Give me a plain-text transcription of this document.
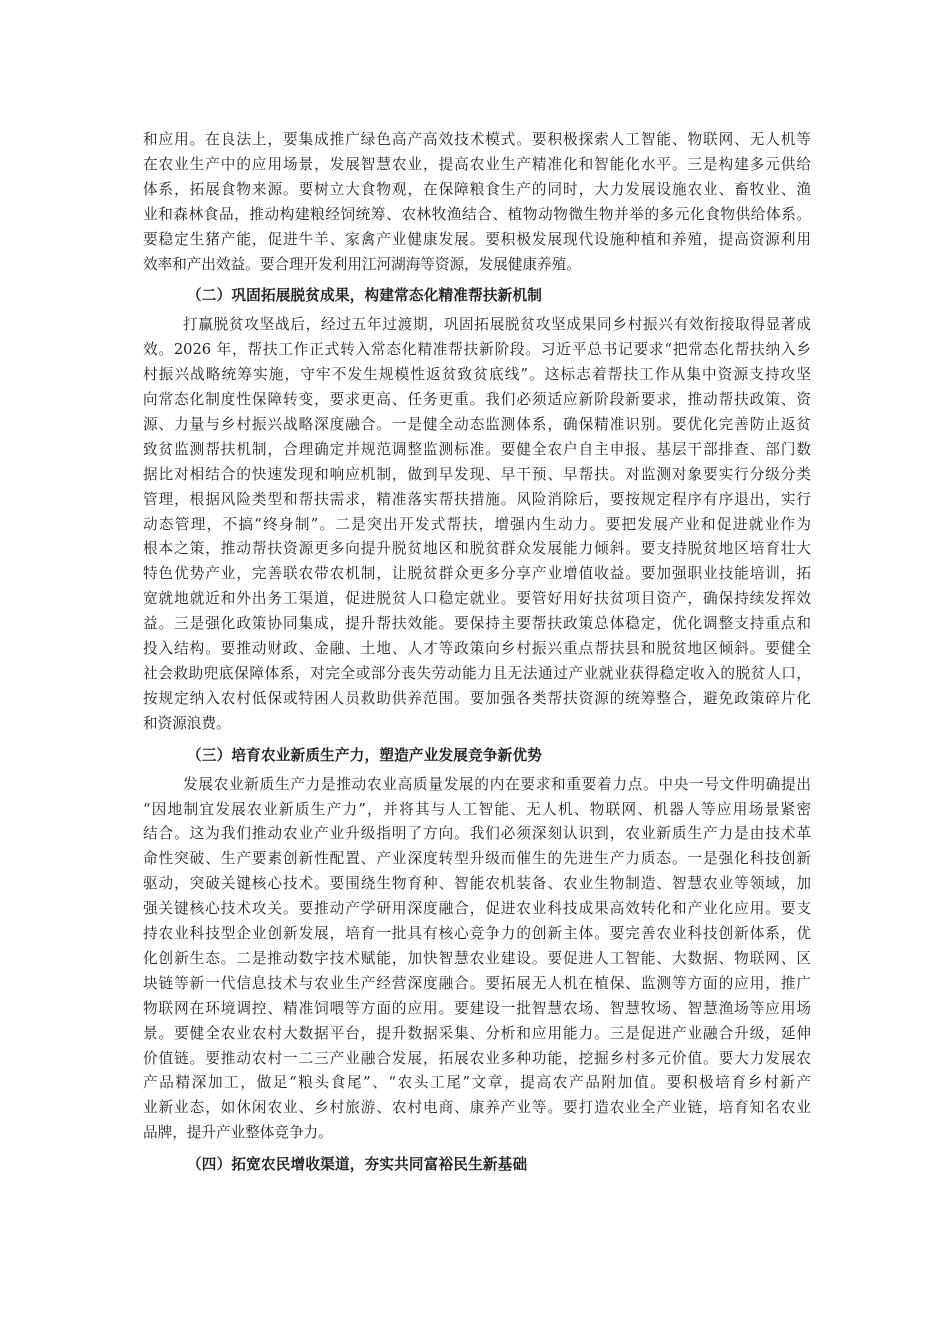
和应用。在良法上，要集成推广绿色高产高效技术模式。要积极探索人工智能、物联网、无人机等
在农业生产中的应用场景，发展智慧农业，提高农业生产精准化和智能化水平。三是构建多元供给
体系，拓展食物来源。要树立大食物观，在保障粮食生产的同时，大力发展设施农业、畜牧业、渔
业和森林食品，推动构建粮经饲统筹、农林牧渔结合、植物动物微生物并举的多元化食物供给体系。
要稳定生猪产能，促进牛羊、家禽产业健康发展。要积极发展现代设施种植和养殖，提高资源利用
效率和产出效益。要合理开发利用江河湖海等资源，发展健康养殖。
（二）巩固拓展脱贫成果，构建常态化精准帮扶新机制
打赢脱贫攻坚战后，经过五年过渡期，巩固拓展脱贫攻坚成果同乡村振兴有效衔接取得显著成
效。2026 年，帮扶工作正式转入常态化精准帮扶新阶段。习近平总书记要求“把常态化帮扶纳入乡
村振兴战略统筹实施，守牢不发生规模性返贫致贫底线”。这标志着帮扶工作从集中资源支持攻坚
向常态化制度性保障转变，要求更高、任务更重。我们必须适应新阶段新要求，推动帮扶政策、资
源、力量与乡村振兴战略深度融合。一是健全动态监测体系，确保精准识别。要优化完善防止返贫
致贫监测帮扶机制，合理确定并规范调整监测标准。要健全农户自主申报、基层干部排查、部门数
据比对相结合的快速发现和响应机制，做到早发现、早干预、早帮扶。对监测对象要实行分级分类
管理，根据风险类型和帮扶需求，精准落实帮扶措施。风险消除后，要按规定程序有序退出，实行
动态管理，不搞“终身制”。二是突出开发式帮扶，增强内生动力。要把发展产业和促进就业作为
根本之策，推动帮扶资源更多向提升脱贫地区和脱贫群众发展能力倾斜。要支持脱贫地区培育壮大
特色优势产业，完善联农带农机制，让脱贫群众更多分享产业增值收益。要加强职业技能培训，拓
宽就地就近和外出务工渠道，促进脱贫人口稳定就业。要管好用好扶贫项目资产，确保持续发挥效
益。三是强化政策协同集成，提升帮扶效能。要保持主要帮扶政策总体稳定，优化调整支持重点和
投入结构。要推动财政、金融、土地、人才等政策向乡村振兴重点帮扶县和脱贫地区倾斜。要健全
社会救助兜底保障体系，对完全或部分丧失劳动能力且无法通过产业就业获得稳定收入的脱贫人口，
按规定纳入农村低保或特困人员救助供养范围。要加强各类帮扶资源的统筹整合，避免政策碎片化
和资源浪费。
（三）培育农业新质生产力，塑造产业发展竞争新优势
发展农业新质生产力是推动农业高质量发展的内在要求和重要着力点。中央一号文件明确提出
“因地制宜发展农业新质生产力”，并将其与人工智能、无人机、物联网、机器人等应用场景紧密
结合。这为我们推动农业产业升级指明了方向。我们必须深刻认识到，农业新质生产力是由技术革
命性突破、生产要素创新性配置、产业深度转型升级而催生的先进生产力质态。一是强化科技创新
驱动，突破关键核心技术。要围绕生物育种、智能农机装备、农业生物制造、智慧农业等领域，加
强关键核心技术攻关。要推动产学研用深度融合，促进农业科技成果高效转化和产业化应用。要支
持农业科技型企业创新发展，培育一批具有核心竞争力的创新主体。要完善农业科技创新体系，优
化创新生态。二是推动数字技术赋能，加快智慧农业建设。要促进人工智能、大数据、物联网、区
块链等新一代信息技术与农业生产经营深度融合。要拓展无人机在植保、监测等方面的应用，推广
物联网在环境调控、精准饲喂等方面的应用。要建设一批智慧农场、智慧牧场、智慧渔场等应用场
景。要健全农业农村大数据平台，提升数据采集、分析和应用能力。三是促进产业融合升级，延伸
价值链。要推动农村一二三产业融合发展，拓展农业多种功能，挖掘乡村多元价值。要大力发展农
产品精深加工，做足“粮头食尾”、“农头工尾”文章，提高农产品附加值。要积极培育乡村新产
业新业态，如休闲农业、乡村旅游、农村电商、康养产业等。要打造农业全产业链，培育知名农业
品牌，提升产业整体竞争力。
（四）拓宽农民增收渠道，夯实共同富裕民生新基础
